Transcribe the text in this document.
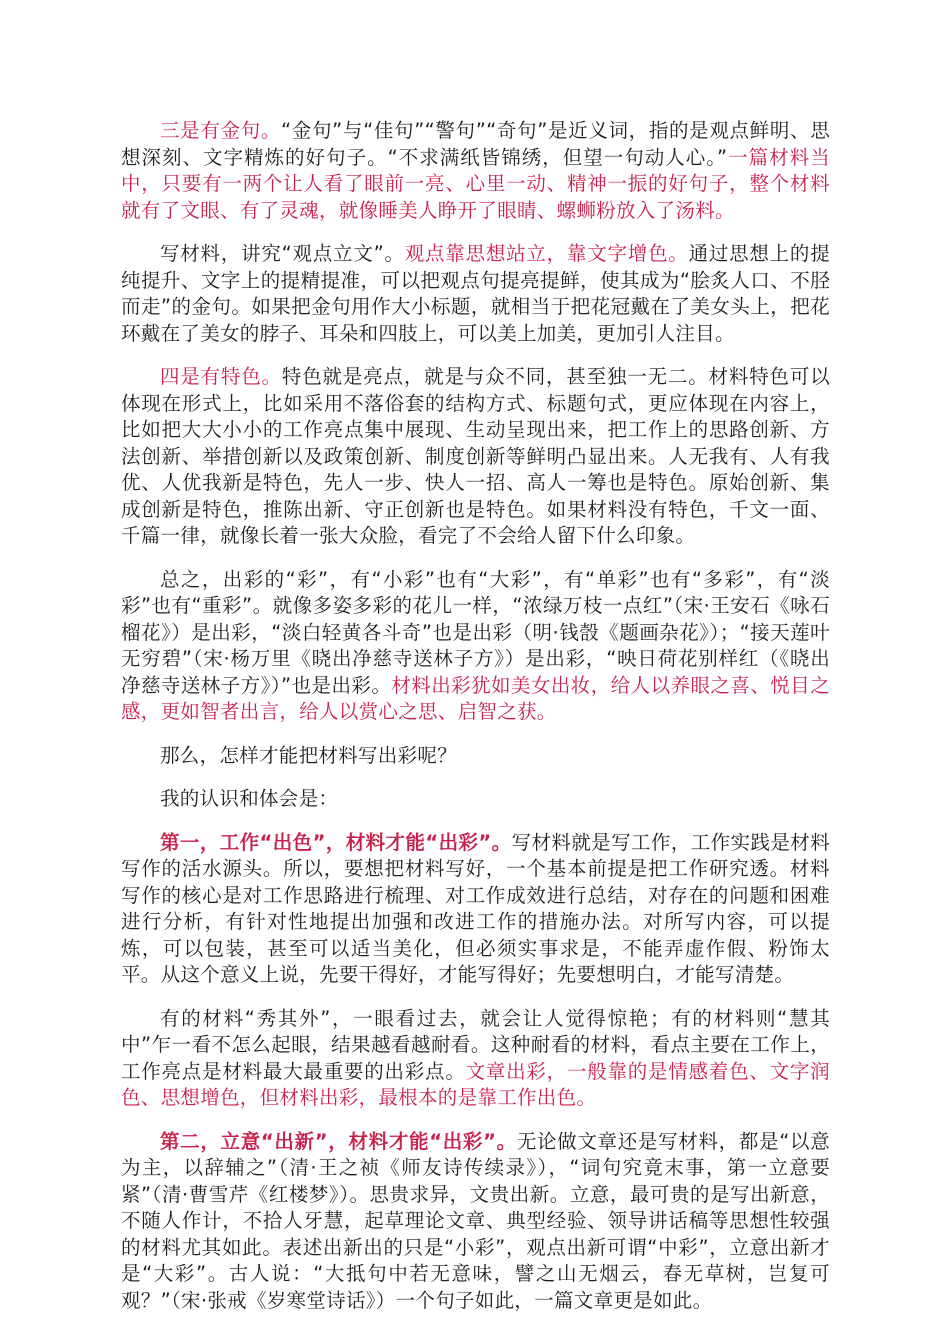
三是有金句。“金句”与“佳句”“警句”“奇句”是近义词，指的是观点鲜明、思想深刻、文字精炼的好句子。“不求满纸皆锦绣，但望一句动人心。”一篇材料当中，只要有一两个让人看了眼前一亮、心里一动、精神一振的好句子，整个材料就有了文眼、有了灵魂，就像睡美人睁开了眼睛、螺蛳粉放入了汤料。

写材料，讲究“观点立文”。观点靠思想站立，靠文字增色。通过思想上的提纯提升、文字上的提精提准，可以把观点句提亮提鲜，使其成为“脍炙人口、不胫而走”的金句。如果把金句用作大小标题，就相当于把花冠戴在了美女头上，把花环戴在了美女的脖子、耳朵和四肢上，可以美上加美，更加引人注目。

四是有特色。特色就是亮点，就是与众不同，甚至独一无二。材料特色可以体现在形式上，比如采用不落俗套的结构方式、标题句式，更应体现在内容上，比如把大大小小的工作亮点集中展现、生动呈现出来，把工作上的思路创新、方法创新、举措创新以及政策创新、制度创新等鲜明凸显出来。人无我有、人有我优、人优我新是特色，先人一步、快人一招、高人一筹也是特色。原始创新、集成创新是特色，推陈出新、守正创新也是特色。如果材料没有特色，千文一面、千篇一律，就像长着一张大众脸，看完了不会给人留下什么印象。

总之，出彩的“彩”，有“小彩”也有“大彩”，有“单彩”也有“多彩”，有“淡彩”也有“重彩”。就像多姿多彩的花儿一样，“浓绿万枝一点红”（宋·王安石《咏石榴花》）是出彩，“淡白轻黄各斗奇”也是出彩（明·钱嗀《题画杂花》）；“接天莲叶无穷碧”（宋·杨万里《晓出净慈寺送林子方》）是出彩，“映日荷花别样红（《晓出净慈寺送林子方》）”也是出彩。材料出彩犹如美女出妆，给人以养眼之喜、悦目之感，更如智者出言，给人以赏心之思、启智之获。

那么，怎样才能把材料写出彩呢？

我的认识和体会是：

第一，工作“出色”，材料才能“出彩”。写材料就是写工作，工作实践是材料写作的活水源头。所以，要想把材料写好，一个基本前提是把工作研究透。材料写作的核心是对工作思路进行梳理、对工作成效进行总结，对存在的问题和困难进行分析，有针对性地提出加强和改进工作的措施办法。对所写内容，可以提炼，可以包装，甚至可以适当美化，但必须实事求是，不能弄虚作假、粉饰太平。从这个意义上说，先要干得好，才能写得好；先要想明白，才能写清楚。

有的材料“秀其外”，一眼看过去，就会让人觉得惊艳；有的材料则“慧其中”乍一看不怎么起眼，结果越看越耐看。这种耐看的材料，看点主要在工作上，工作亮点是材料最大最重要的出彩点。文章出彩，一般靠的是情感着色、文字润色、思想增色，但材料出彩，最根本的是靠工作出色。

第二，立意“出新”，材料才能“出彩”。无论做文章还是写材料，都是“以意为主，以辞辅之”（清·王之祯《师友诗传续录》），“词句究竟末事，第一立意要紧”（清·曹雪芹《红楼梦》）。思贵求异，文贵出新。立意，最可贵的是写出新意，不随人作计，不拾人牙慧，起草理论文章、典型经验、领导讲话稿等思想性较强的材料尤其如此。表述出新出的只是“小彩”，观点出新可谓“中彩”，立意出新才是“大彩”。古人说：“大抵句中若无意味，譬之山无烟云，春无草树，岂复可观？”（宋·张戒《岁寒堂诗话》）一个句子如此，一篇文章更是如此。
